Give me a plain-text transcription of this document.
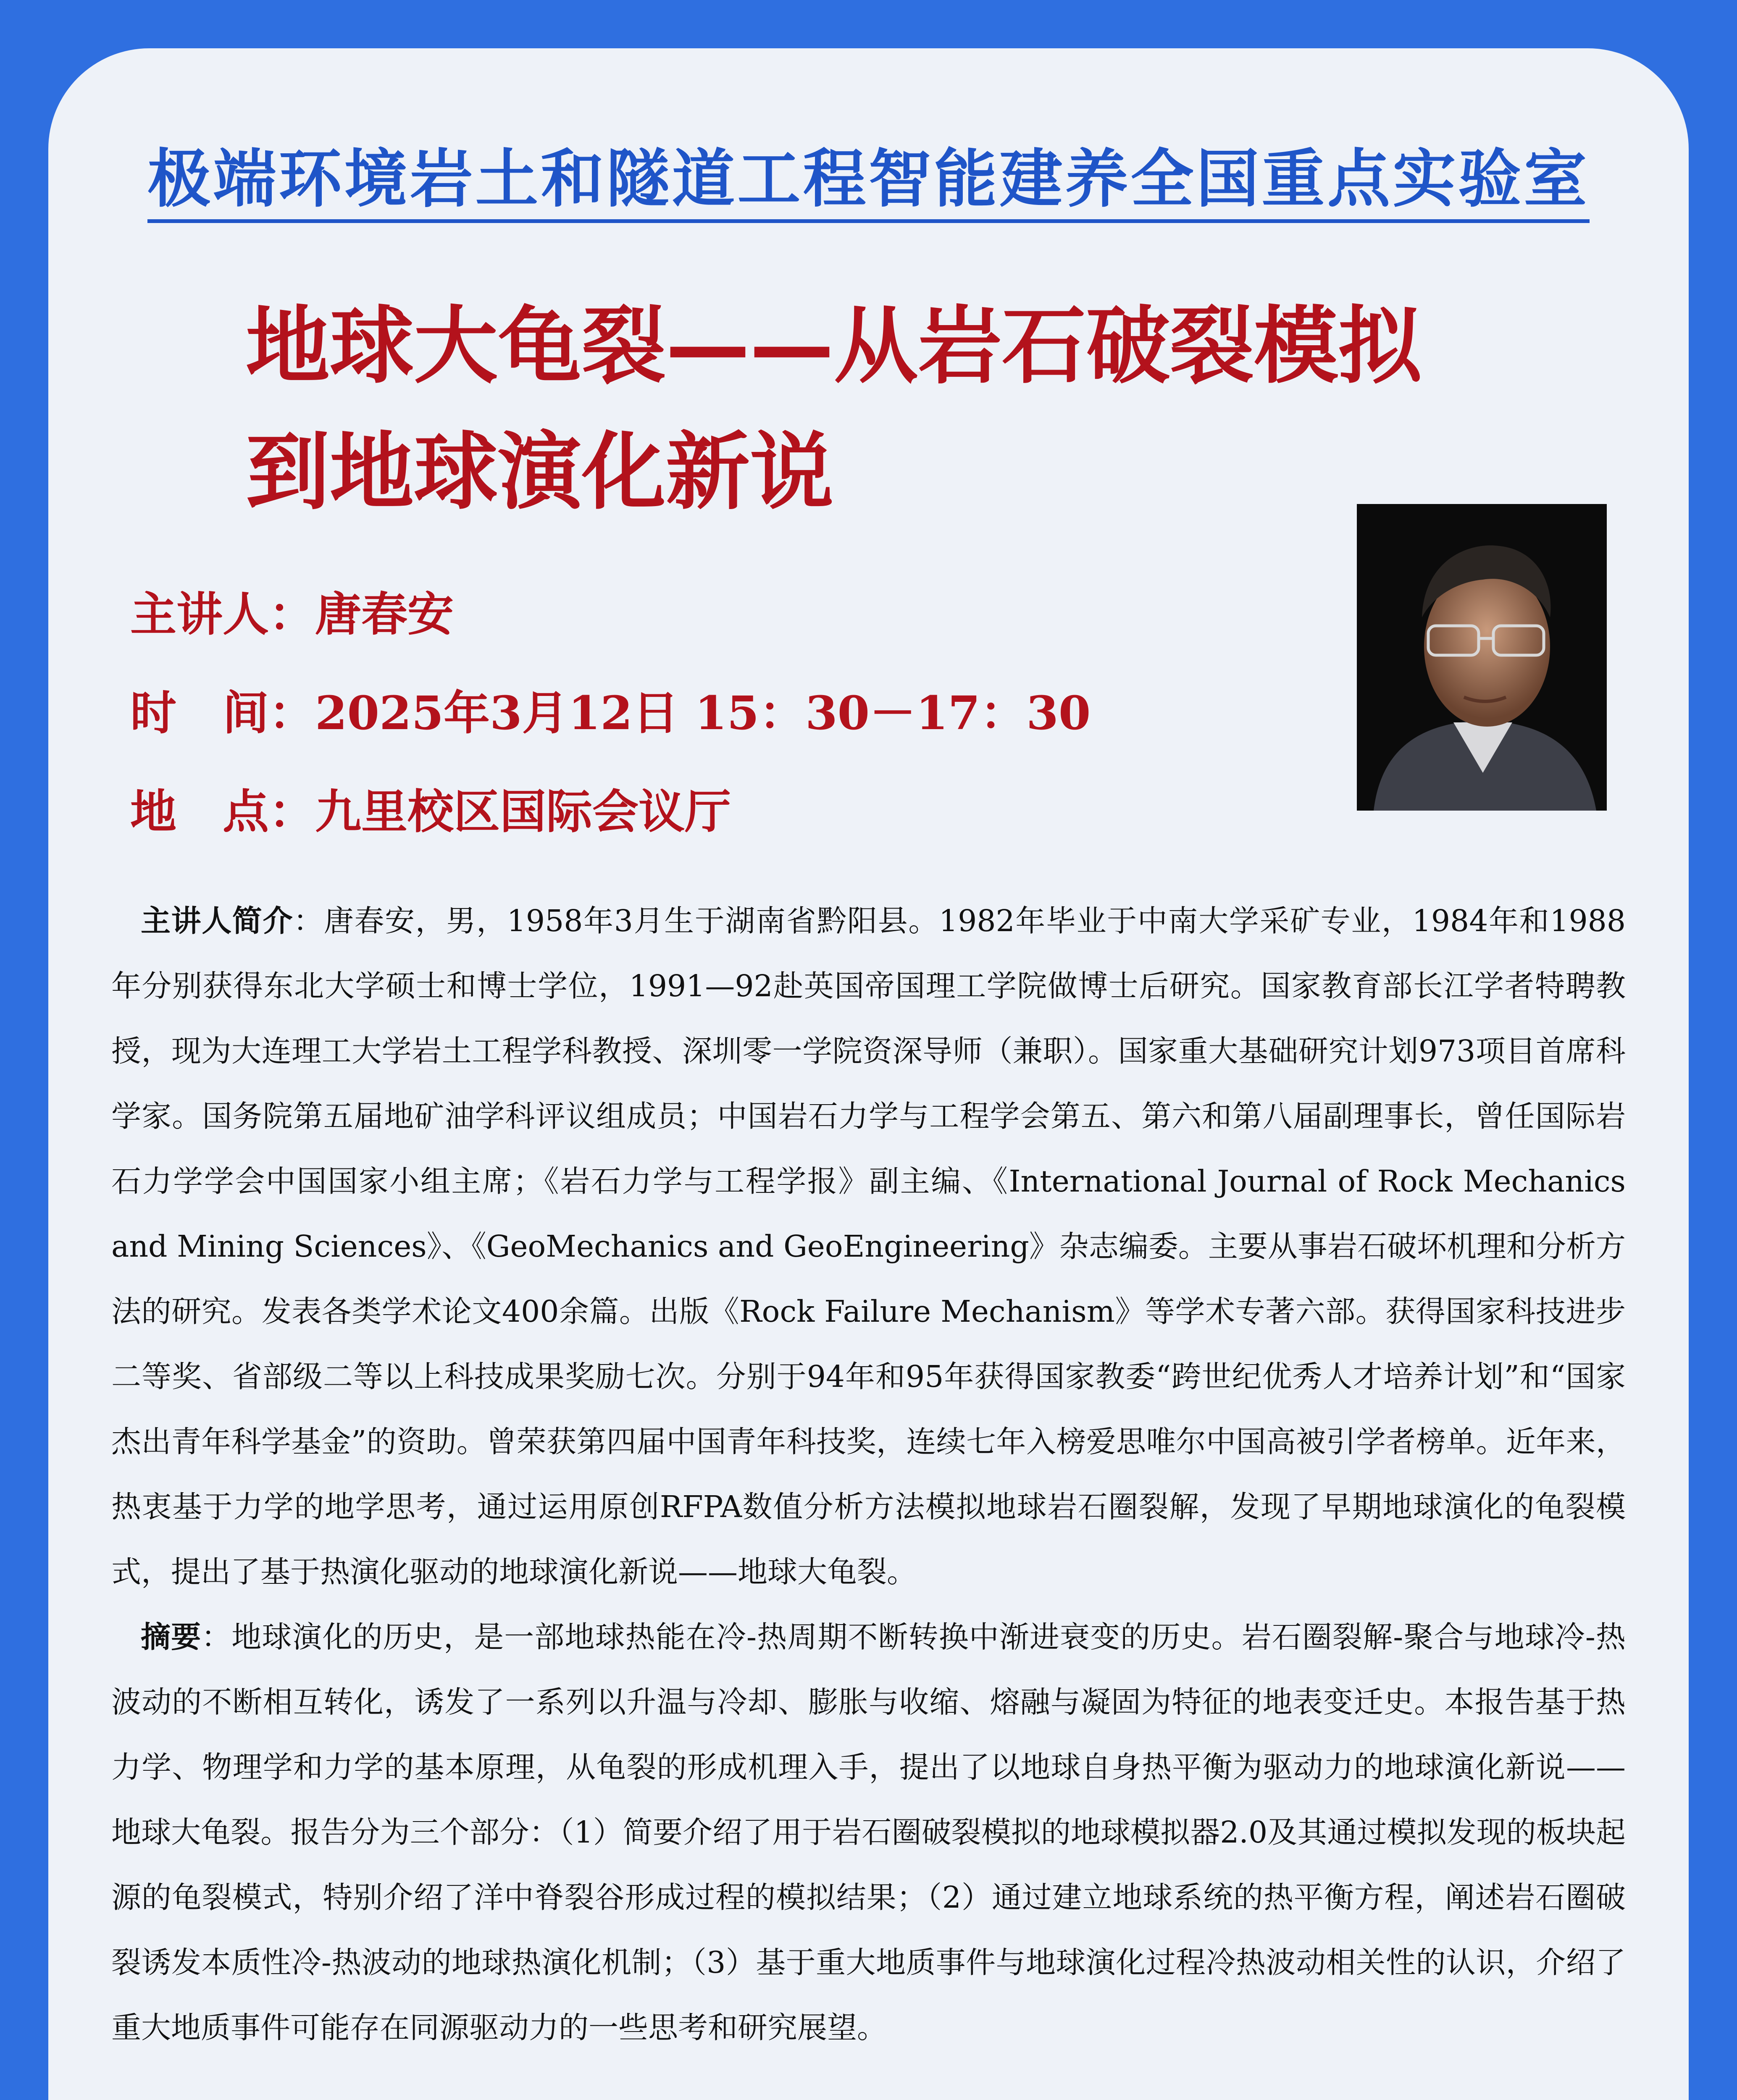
极端环境岩土和隧道工程智能建养全国重点实验室
地球大龟裂——从岩石破裂模拟
到地球演化新说
主讲人：唐春安
时　间：2025年3月12日 15：30－17：30
地　点：九里校区国际会议厅

主讲人简介：唐春安，男，1958年3月生于湖南省黔阳县。1982年毕业于中南大学采矿专业，1984年和1988年分别获得东北大学硕士和博士学位，1991—92赴英国帝国理工学院做博士后研究。国家教育部长江学者特聘教授，现为大连理工大学岩土工程学科教授、深圳零一学院资深导师（兼职）。国家重大基础研究计划973项目首席科学家。国务院第五届地矿油学科评议组成员；中国岩石力学与工程学会第五、第六和第八届副理事长，曾任国际岩石力学学会中国国家小组主席；《岩石力学与工程学报》副主编、《International Journal of Rock Mechanics and Mining Sciences》、《GeoMechanics and GeoEngineering》杂志编委。主要从事岩石破坏机理和分析方法的研究。发表各类学术论文400余篇。出版《Rock Failure Mechanism》等学术专著六部。获得国家科技进步二等奖、省部级二等以上科技成果奖励七次。分别于94年和95年获得国家教委“跨世纪优秀人才培养计划”和“国家杰出青年科学基金”的资助。曾荣获第四届中国青年科技奖，连续七年入榜爱思唯尔中国高被引学者榜单。近年来，热衷基于力学的地学思考，通过运用原创RFPA数值分析方法模拟地球岩石圈裂解，发现了早期地球演化的龟裂模式，提出了基于热演化驱动的地球演化新说——地球大龟裂。

摘要：地球演化的历史，是一部地球热能在冷-热周期不断转换中渐进衰变的历史。岩石圈裂解-聚合与地球冷-热波动的不断相互转化，诱发了一系列以升温与冷却、膨胀与收缩、熔融与凝固为特征的地表变迁史。本报告基于热力学、物理学和力学的基本原理，从龟裂的形成机理入手，提出了以地球自身热平衡为驱动力的地球演化新说——地球大龟裂。报告分为三个部分：（1）简要介绍了用于岩石圈破裂模拟的地球模拟器2.0及其通过模拟发现的板块起源的龟裂模式，特别介绍了洋中脊裂谷形成过程的模拟结果；（2）通过建立地球系统的热平衡方程，阐述岩石圈破裂诱发本质性冷-热波动的地球热演化机制；（3）基于重大地质事件与地球演化过程冷热波动相关性的认识，介绍了重大地质事件可能存在同源驱动力的一些思考和研究展望。
